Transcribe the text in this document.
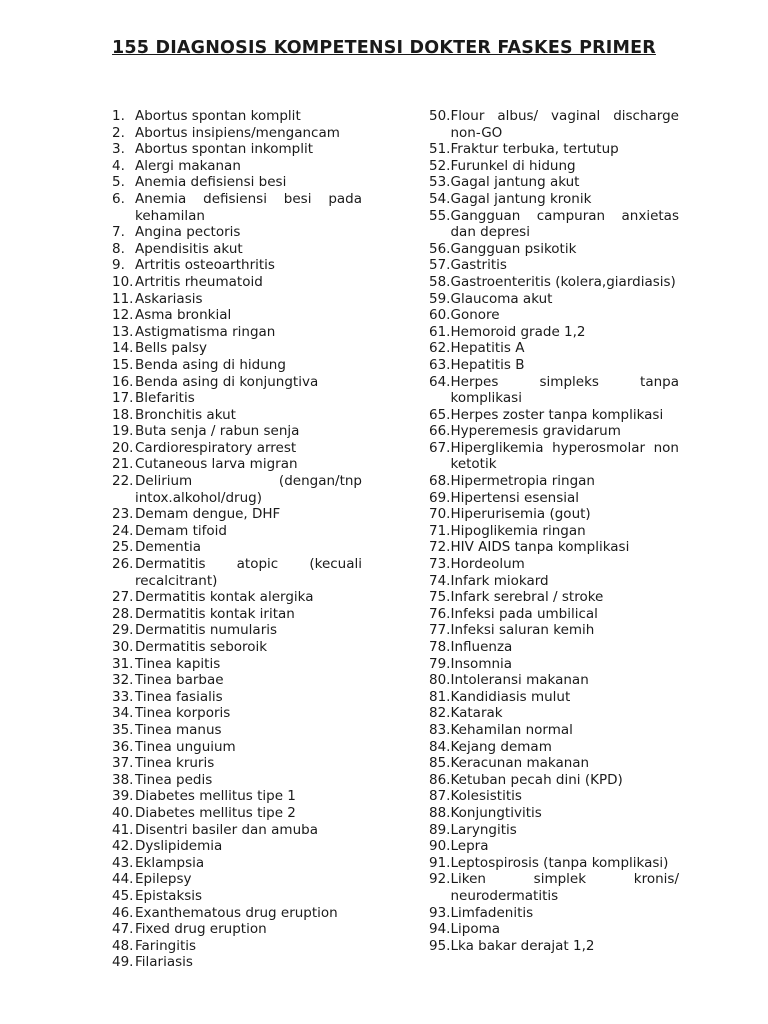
155 DIAGNOSIS KOMPETENSI DOKTER FASKES PRIMER
1. Abortus spontan komplit
2. Abortus insipiens/mengancam
3. Abortus spontan inkomplit
4. Alergi makanan
5. Anemia defisiensi besi
6. Anemia defisiensi besi pada kehamilan
7. Angina pectoris
8. Apendisitis akut
9. Artritis osteoarthritis
10. Artritis rheumatoid
11. Askariasis
12. Asma bronkial
13. Astigmatisma ringan
14. Bells palsy
15. Benda asing di hidung
16. Benda asing di konjungtiva
17. Blefaritis
18. Bronchitis akut
19. Buta senja / rabun senja
20. Cardiorespiratory arrest
21. Cutaneous larva migran
22. Delirium (dengan/tnp intox.alkohol/drug)
23. Demam dengue, DHF
24. Demam tifoid
25. Dementia
26. Dermatitis atopic (kecuali recalcitrant)
27. Dermatitis kontak alergika
28. Dermatitis kontak iritan
29. Dermatitis numularis
30. Dermatitis seboroik
31. Tinea kapitis
32. Tinea barbae
33. Tinea fasialis
34. Tinea korporis
35. Tinea manus
36. Tinea unguium
37. Tinea kruris
38. Tinea pedis
39. Diabetes mellitus tipe 1
40. Diabetes mellitus tipe 2
41. Disentri basiler dan amuba
42. Dyslipidemia
43. Eklampsia
44. Epilepsy
45. Epistaksis
46. Exanthematous drug eruption
47. Fixed drug eruption
48. Faringitis
49. Filariasis
50. Flour albus/ vaginal discharge non-GO
51. Fraktur terbuka, tertutup
52. Furunkel di hidung
53. Gagal jantung akut
54. Gagal jantung kronik
55. Gangguan campuran anxietas dan depresi
56. Gangguan psikotik
57. Gastritis
58. Gastroenteritis (kolera,giardiasis)
59. Glaucoma akut
60. Gonore
61. Hemoroid grade 1,2
62. Hepatitis A
63. Hepatitis B
64. Herpes simpleks tanpa komplikasi
65. Herpes zoster tanpa komplikasi
66. Hyperemesis gravidarum
67. Hiperglikemia hyperosmolar non ketotik
68. Hipermetropia ringan
69. Hipertensi esensial
70. Hiperurisemia (gout)
71. Hipoglikemia ringan
72. HIV AIDS tanpa komplikasi
73. Hordeolum
74. Infark miokard
75. Infark serebral / stroke
76. Infeksi pada umbilical
77. Infeksi saluran kemih
78. Influenza
79. Insomnia
80. Intoleransi makanan
81. Kandidiasis mulut
82. Katarak
83. Kehamilan normal
84. Kejang demam
85. Keracunan makanan
86. Ketuban pecah dini (KPD)
87. Kolesistitis
88. Konjungtivitis
89. Laryngitis
90. Lepra
91. Leptospirosis (tanpa komplikasi)
92. Liken simplek kronis/ neurodermatitis
93. Limfadenitis
94. Lipoma
95. Lka bakar derajat 1,2
